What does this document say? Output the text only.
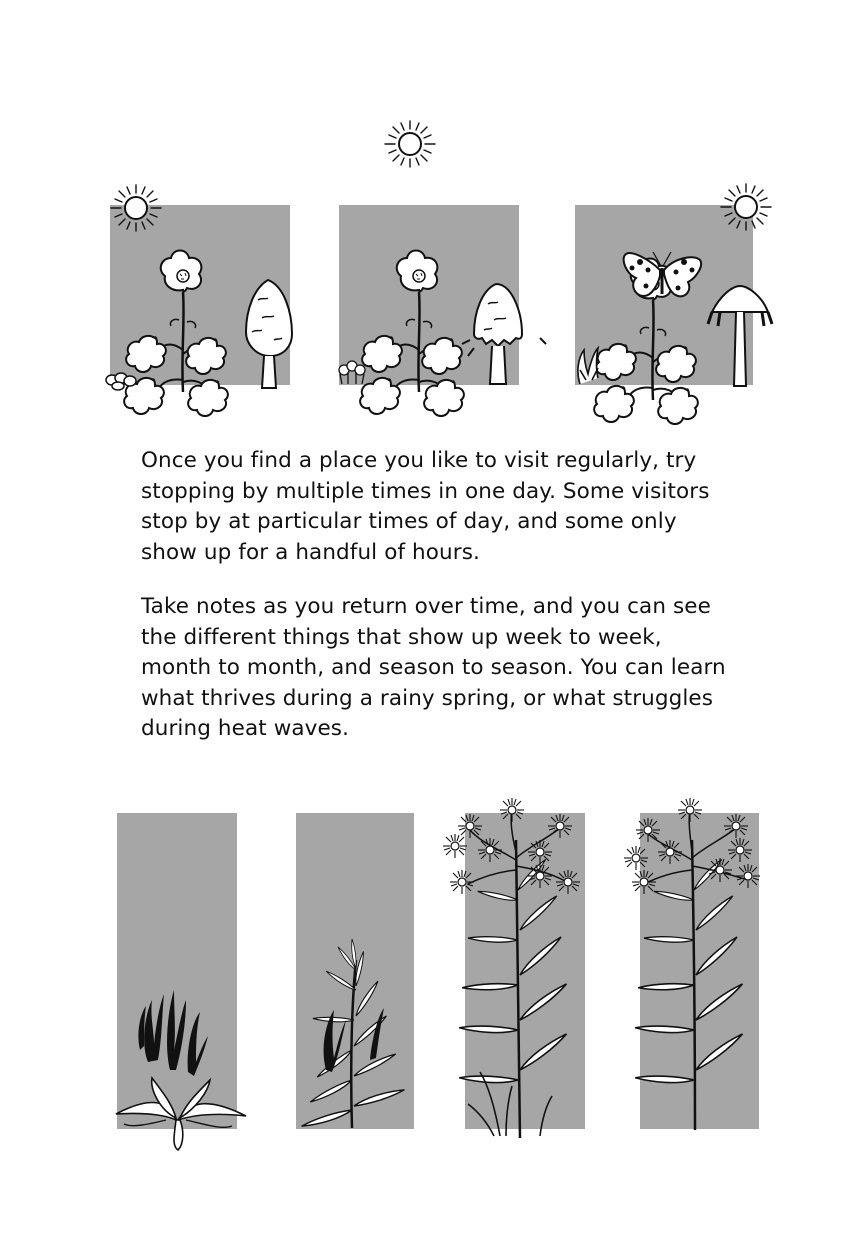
Once you find a place you like to visit regularly, try
stopping by multiple times in one day. Some visitors
stop by at particular times of day, and some only
show up for a handful of hours.

Take notes as you return over time, and you can see
the different things that show up week to week,
month to month, and season to season. You can learn
what thrives during a rainy spring, or what struggles
during heat waves.
